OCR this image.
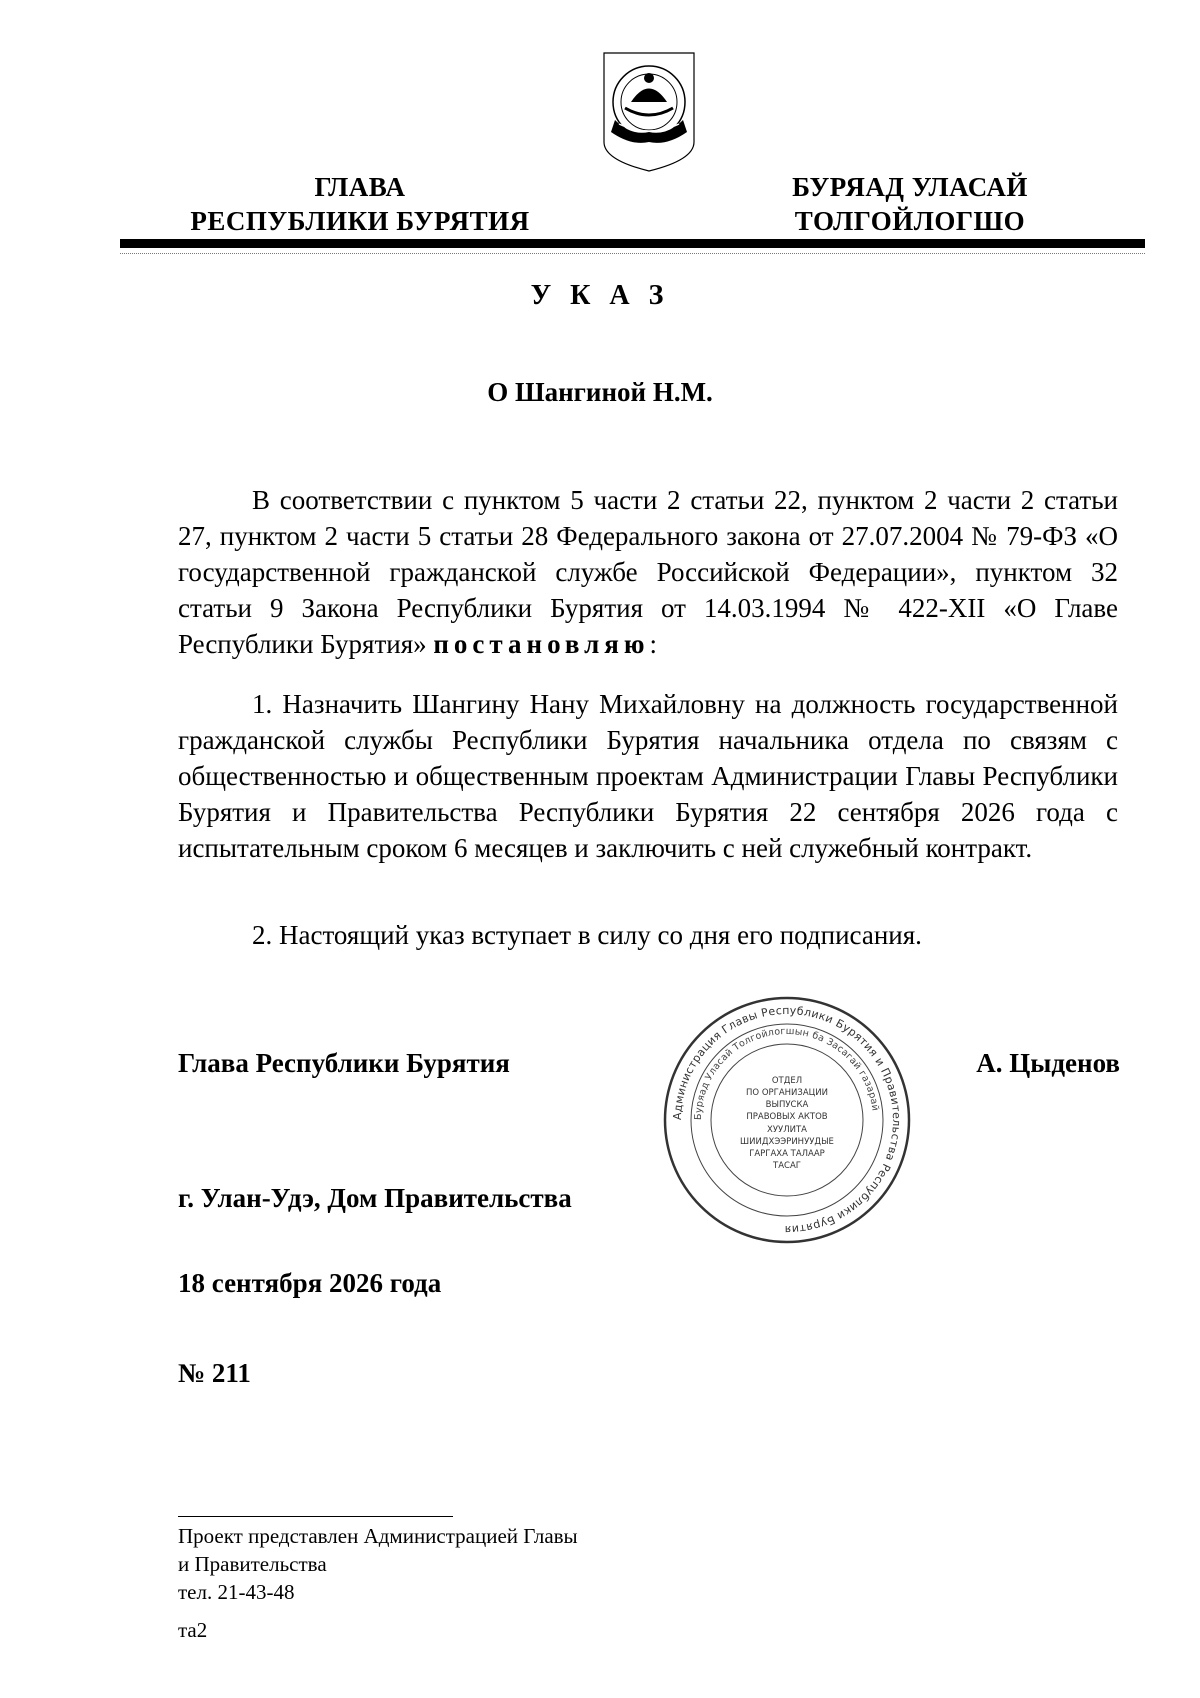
ГЛАВА
РЕСПУБЛИКИ БУРЯТИЯ
БУРЯАД УЛАСАЙ
ТОЛГОЙЛОГШО
У К А З
О Шангиной Н.М.

В соответствии с пунктом 5 части 2 статьи 22, пунктом 2 части 2 статьи 27, пунктом 2 части 5 статьи 28 Федерального закона от 27.07.2004 № 79-ФЗ «О государственной гражданской службе Российской Федерации», пунктом 32 статьи 9 Закона Республики Бурятия от 14.03.1994 № 422-XII «О Главе Республики Бурятия» постановляю:

1. Назначить Шангину Нану Михайловну на должность государственной гражданской службы Республики Бурятия начальника отдела по связям с общественностью и общественным проектам Администрации Главы Республики Бурятия и Правительства Республики Бурятия 22 сентября 2026 года с испытательным сроком 6 месяцев и заключить с ней служебный контракт.

2. Настоящий указ вступает в силу со дня его подписания.

Глава Республики Бурятия	А. Цыденов
Администрация Главы Республики Бурятия и Правительства Республики Бурятия
Буряад Уласай Толгойлогшын ба Засагай газарай
ОТДЕЛ
ПО ОРГАНИЗАЦИИ
ВЫПУСКА
ПРАВОВЫХ АКТОВ
ХУУЛИТА
ШИИДХЭЭРИНУУДЫЕ
ГАРГАХА ТАЛААР
ТАСАГ
г. Улан-Удэ, Дом Правительства
18 сентября 2026 года
№ 211
Проект представлен Администрацией Главы
и Правительства
тел. 21-43-48
та2
